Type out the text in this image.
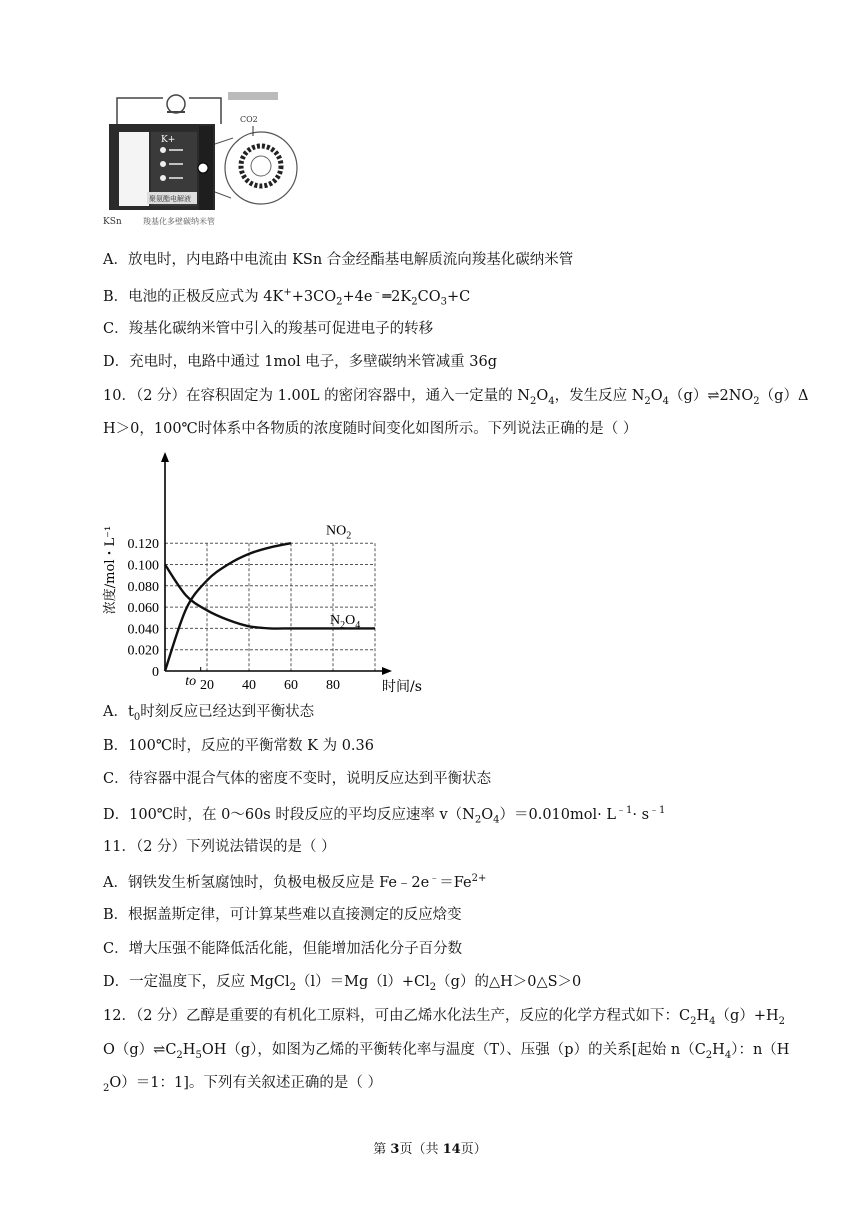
K+
聚氨酯电解液
CO2
KSn	羧基化多壁碳纳米管
A．放电时，内电路中电流由 KSn 合金经酯基电解质流向羧基化碳纳米管
B．电池的正极反应式为 $4K^++3CO_2+4e^﹣═2K_2CO_3+C$
C．羧基化碳纳米管中引入的羧基可促进电子的转移
D．充电时，电路中通过 1mol 电子，多壁碳纳米管减重 36g
10．（2 分）在容积固定为 1.00L 的密闭容器中，通入一定量的 $N_2O_4$，发生反应 $N_2O_4(g)\rightleftharpoons 2NO_2(g)\Delta$
H＞0，100℃时体系中各物质的浓度随时间变化如图所示。下列说法正确的是（ ）
0
0.020
0.040
0.060
0.080
0.100
0.120
20 40 60 80
to	时间/s
浓度/mol・L⁻¹	$NO_2$
$N_2O_4$
A．$t_0$时刻反应已经达到平衡状态
B．100℃时，反应的平衡常数 K 为 0.36
C．待容器中混合气体的密度不变时，说明反应达到平衡状态
D．100℃时，在 0～60s 时段反应的平均反应速率 $v(N_2O_4)=0.010mol\cdot L^{﹣1}\cdot s^{﹣1}$
11．（2 分）下列说法错误的是（ ）
A．钢铁发生析氢腐蚀时，负极电极反应是 $Fe﹣2e^﹣=Fe^{2+}$
B．根据盖斯定律，可计算某些难以直接测定的反应焓变
C．增大压强不能降低活化能，但能增加活化分子百分数
D．一定温度下，反应 $MgCl_2(l)=Mg(l)+Cl_2(g)$的△H＞0△S＞0
12．（2 分）乙醇是重要的有机化工原料，可由乙烯水化法生产，反应的化学方程式如下：$C_2H_4(g)+H_2$
$O(g)\rightleftharpoons C_2H_5OH(g)$，如图为乙烯的平衡转化率与温度（T）、压强（p）的关系[起始 $n(C_2H_4)$：n（H
$_2$O）＝1：1]。下列有关叙述正确的是（ ）
第 3页（共 14页）
